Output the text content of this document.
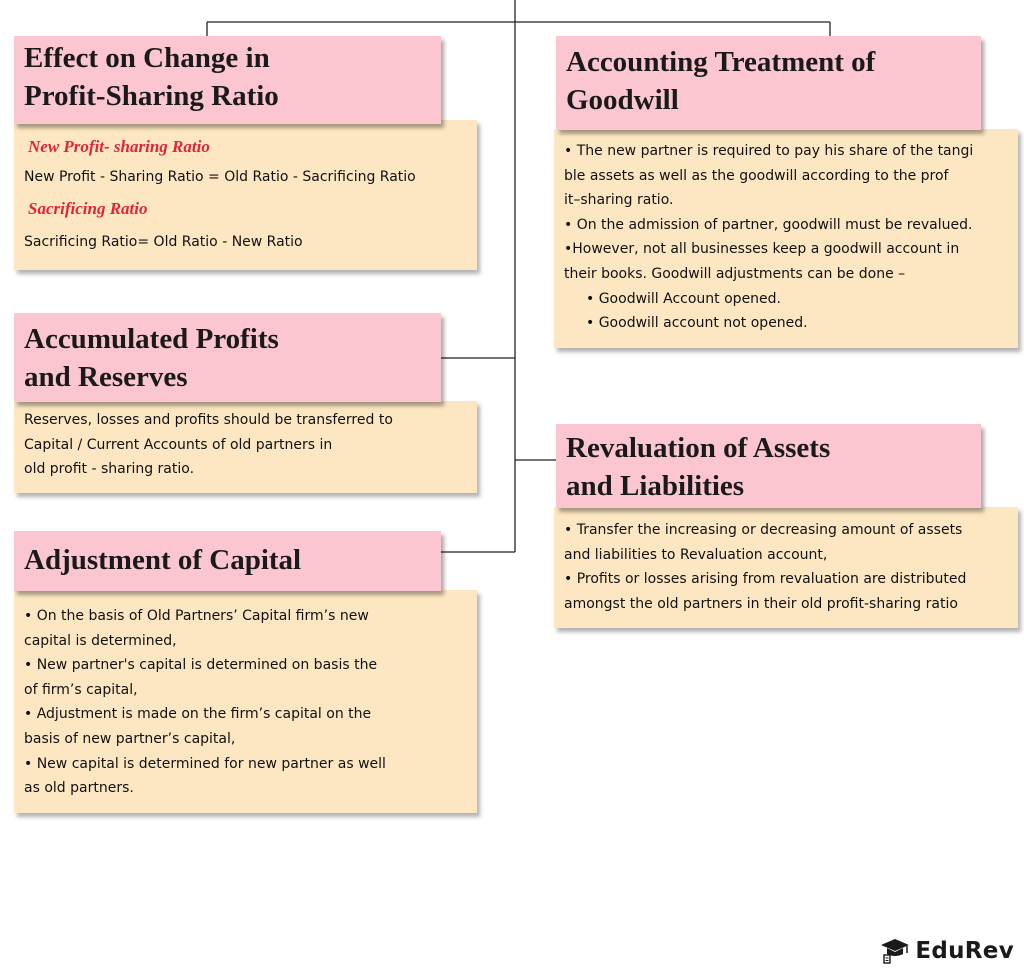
Effect on Change in
Profit-Sharing Ratio

New Profit- sharing Ratio

New Profit - Sharing Ratio = Old Ratio - Sacrificing Ratio

Sacrificing Ratio

Sacrificing Ratio= Old Ratio - New Ratio

Accounting Treatment of
Goodwill

• The new partner is required to pay his share of the tangi

ble assets as well as the goodwill according to the prof

it–sharing ratio.

• On the admission of partner, goodwill must be revalued.

•However, not all businesses keep a goodwill account in

their books. Goodwill adjustments can be done –

• Goodwill Account opened.

• Goodwill account not opened.

Accumulated Profits
and Reserves

Reserves, losses and profits should be transferred to

Capital / Current Accounts of old partners in

old profit - sharing ratio.

Revaluation of Assets
and Liabilities

• Transfer the increasing or decreasing amount of assets

and liabilities to Revaluation account,

• Profits or losses arising from revaluation are distributed

amongst the old partners in their old profit-sharing ratio

Adjustment of Capital

• On the basis of Old Partners’ Capital firm’s new

capital is determined,

• New partner's capital is determined on basis the

of firm’s capital,

• Adjustment is made on the firm’s capital on the

basis of new partner’s capital,

• New capital is determined for new partner as well

as old partners.

EduRev
